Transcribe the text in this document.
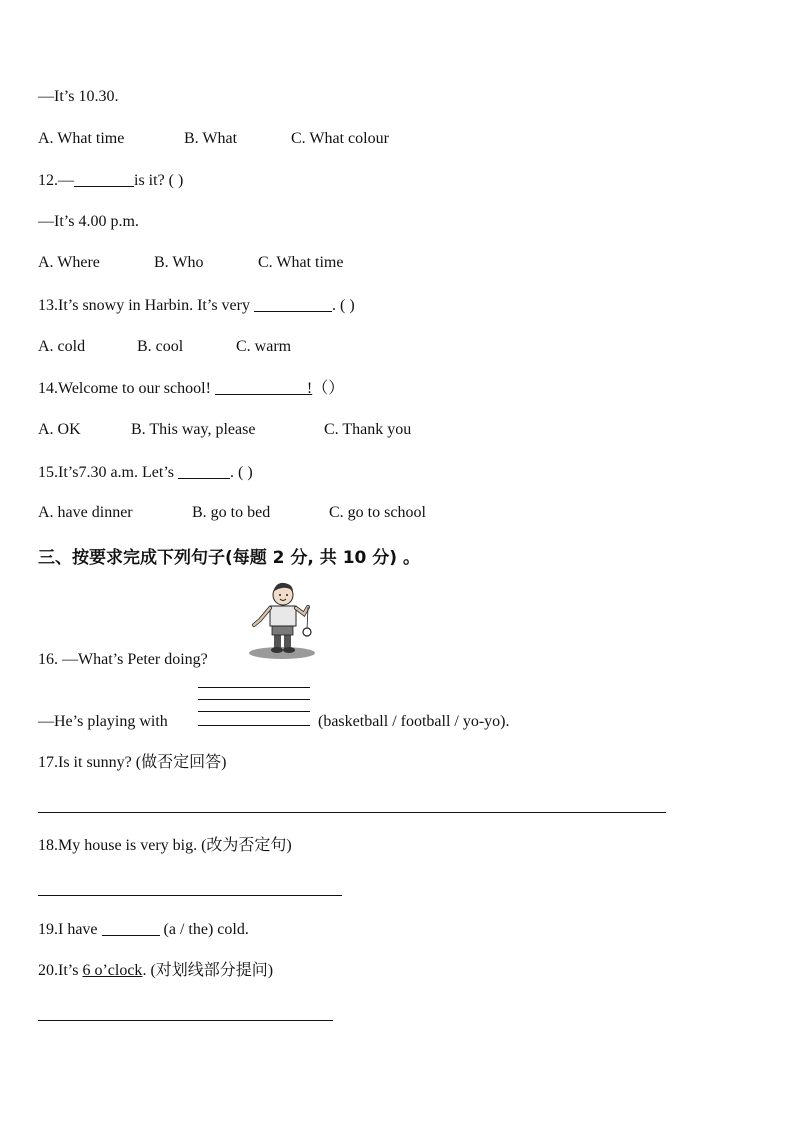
—It’s 10.30.
A. What time	B. What	C. What colour
12.—	is it? ( )
—It’s 4.00 p.m.
A. Where	B. Who	C. What time
13.It’s snowy in Harbin. It’s very	. ( )
A. cold	B. cool	C. warm
14.Welcome to our school!	!（）
A. OK	B. This way, please	C. Thank you
15.It’s7.30 a.m. Let’s	. ( )
A. have dinner	B. go to bed	C. go to school
三、按要求完成下列句子(每题 2 分, 共 10 分) 。
16. —What’s Peter doing?
—He’s playing with	(basketball / football / yo-yo).
17.Is it sunny? (做否定回答)
18.My house is very big. (改为否定句)
19.I have	(a / the) cold.
20.It’s 6 o’clock. (对划线部分提问)
